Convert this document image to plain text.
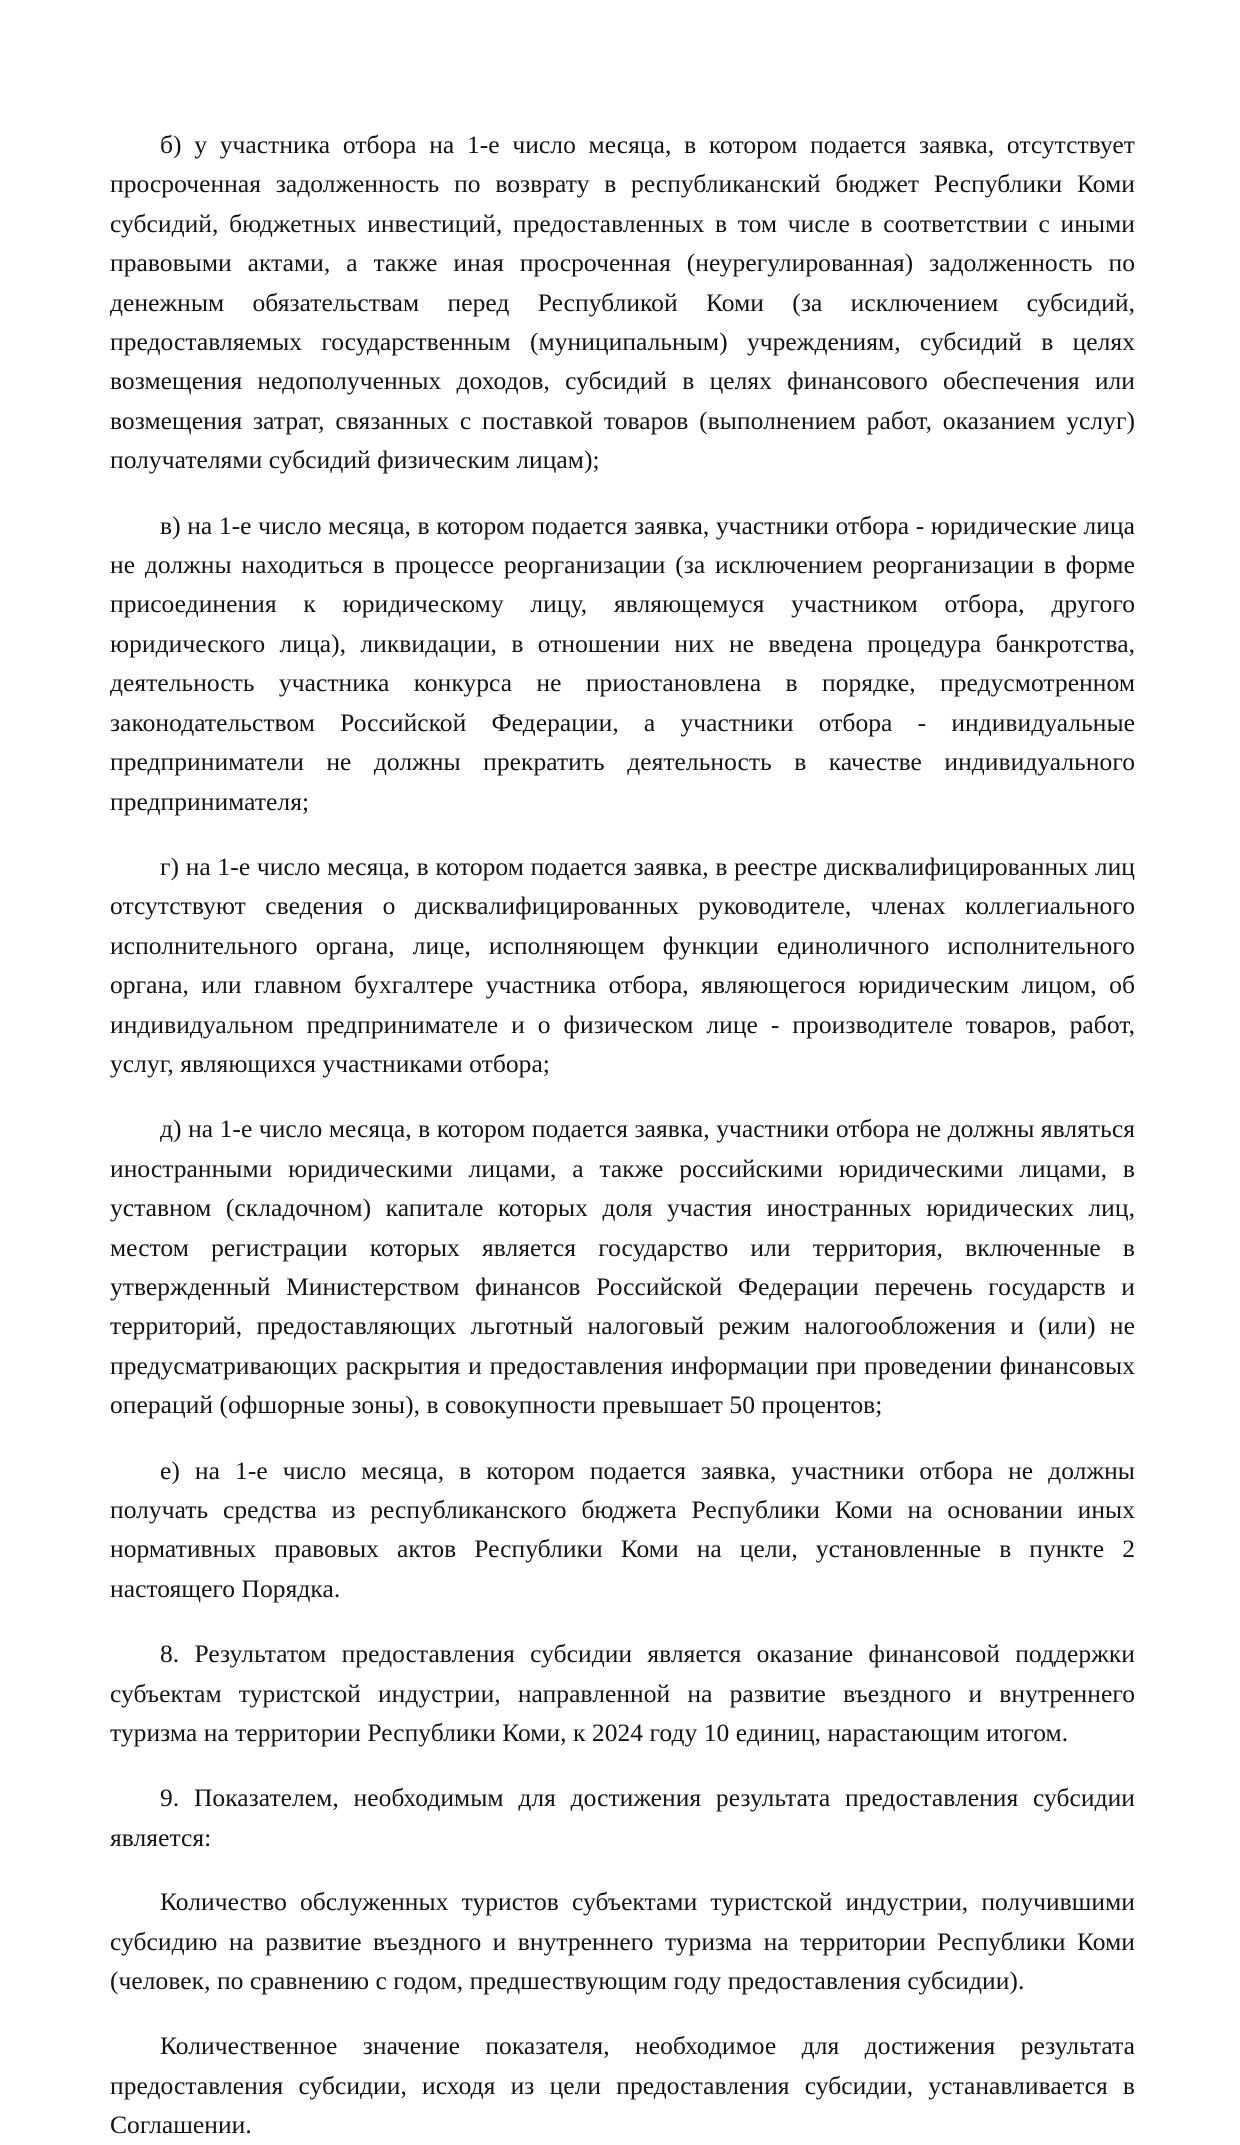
б) у участника отбора на 1-е число месяца, в котором подается заявка, отсутствует просроченная задолженность по возврату в республиканский бюджет Республики Коми субсидий, бюджетных инвестиций, предоставленных в том числе в соответствии с иными правовыми актами, а также иная просроченная (неурегулированная) задолженность по денежным обязательствам перед Республикой Коми (за исключением субсидий, предоставляемых государственным (муниципальным) учреждениям, субсидий в целях возмещения недополученных доходов, субсидий в целях финансового обеспечения или возмещения затрат, связанных с поставкой товаров (выполнением работ, оказанием услуг) получателями субсидий физическим лицам);

в) на 1-е число месяца, в котором подается заявка, участники отбора - юридические лица не должны находиться в процессе реорганизации (за исключением реорганизации в форме присоединения к юридическому лицу, являющемуся участником отбора, другого юридического лица), ликвидации, в отношении них не введена процедура банкротства, деятельность участника конкурса не приостановлена в порядке, предусмотренном законодательством Российской Федерации, а участники отбора - индивидуальные предприниматели не должны прекратить деятельность в качестве индивидуального предпринимателя;

г) на 1-е число месяца, в котором подается заявка, в реестре дисквалифицированных лиц отсутствуют сведения о дисквалифицированных руководителе, членах коллегиального исполнительного органа, лице, исполняющем функции единоличного исполнительного органа, или главном бухгалтере участника отбора, являющегося юридическим лицом, об индивидуальном предпринимателе и о физическом лице - производителе товаров, работ, услуг, являющихся участниками отбора;

д) на 1-е число месяца, в котором подается заявка, участники отбора не должны являться иностранными юридическими лицами, а также российскими юридическими лицами, в уставном (складочном) капитале которых доля участия иностранных юридических лиц, местом регистрации которых является государство или территория, включенные в утвержденный Министерством финансов Российской Федерации перечень государств и территорий, предоставляющих льготный налоговый режим налогообложения и (или) не предусматривающих раскрытия и предоставления информации при проведении финансовых операций (офшорные зоны), в совокупности превышает 50 процентов;

е) на 1-е число месяца, в котором подается заявка, участники отбора не должны получать средства из республиканского бюджета Республики Коми на основании иных нормативных правовых актов Республики Коми на цели, установленные в пункте 2 настоящего Порядка.

8. Результатом предоставления субсидии является оказание финансовой поддержки субъектам туристской индустрии, направленной на развитие въездного и внутреннего туризма на территории Республики Коми, к 2024 году 10 единиц, нарастающим итогом.

9. Показателем, необходимым для достижения результата предоставления субсидии является:

Количество обслуженных туристов субъектами туристской индустрии, получившими субсидию на развитие въездного и внутреннего туризма на территории Республики Коми (человек, по сравнению с годом, предшествующим году предоставления субсидии).

Количественное значение показателя, необходимое для достижения результата предоставления субсидии, исходя из цели предоставления субсидии, устанавливается в Соглашении.
